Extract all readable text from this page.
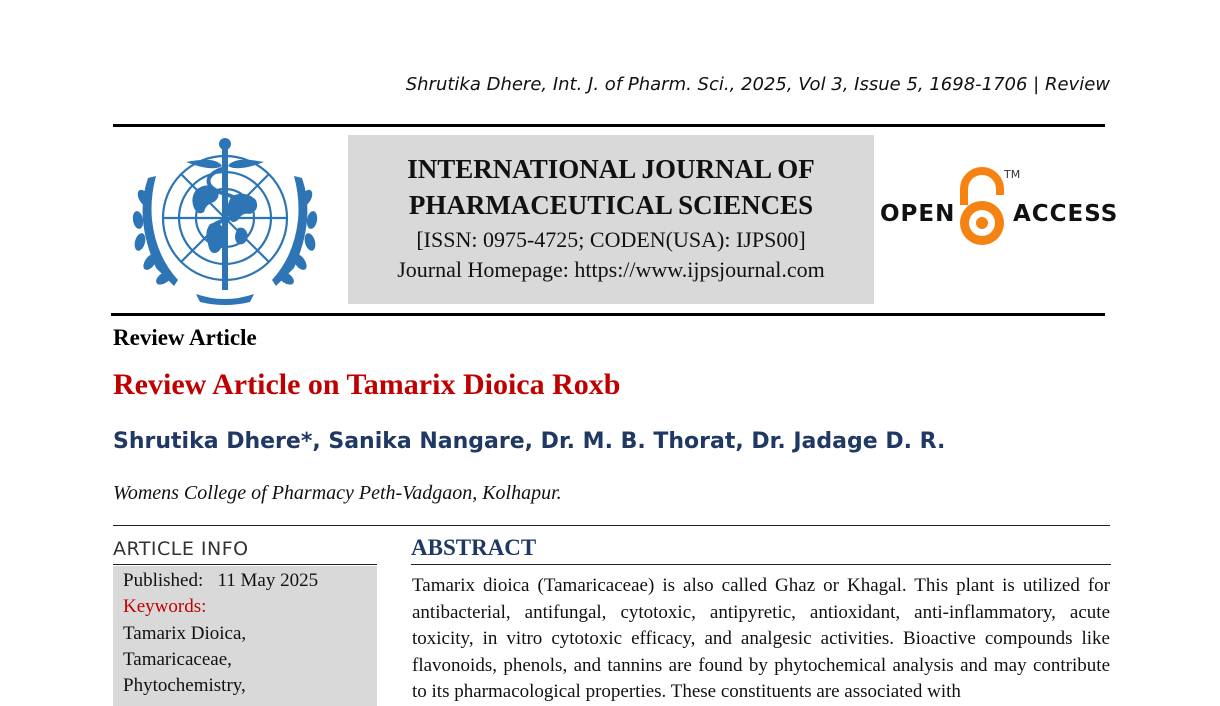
Shrutika Dhere, Int. J. of Pharm. Sci., 2025, Vol 3, Issue 5, 1698-1706 | Review
INTERNATIONAL JOURNAL OF
PHARMACEUTICAL SCIENCES
[ISSN: 0975-4725; CODEN(USA): IJPS00]
Journal Homepage: https://www.ijpsjournal.com
OPEN
TM
ACCESS
Review Article
Review Article on Tamarix Dioica Roxb
Shrutika Dhere*, Sanika Nangare, Dr. M. B. Thorat, Dr. Jadage D. R.
Womens College of Pharmacy Peth-Vadgaon, Kolhapur.
ARTICLE INFO
Published: 11 May 2025
Keywords:
Tamarix Dioica,
Tamaricaceae,
Phytochemistry,
ABSTRACT
Tamarix dioica (Tamaricaceae) is also called Ghaz or Khagal. This plant is utilized for antibacterial, antifungal, cytotoxic, antipyretic, antioxidant, anti-inflammatory, acute toxicity, in vitro cytotoxic efficacy, and analgesic activities. Bioactive compounds like flavonoids, phenols, and tannins are found by phytochemical analysis and may contribute to its pharmacological properties. These constituents are associated with
